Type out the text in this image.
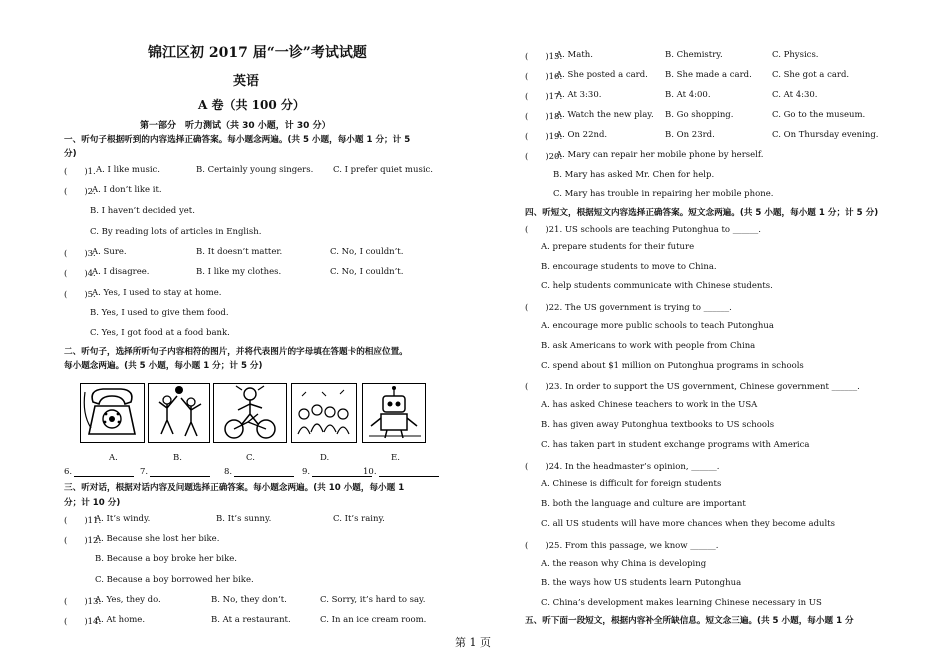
锦江区初 2017 届“一诊”考试试题
英语
A 卷（共 100 分）
第一部分　听力测试（共 30 小题，计 30 分）
一、听句子根据听到的内容选择正确答案。每小题念两遍。(共 5 小题，每小题 1 分；计 5
分)
(　　)1. A. I like music.	B. Certainly young singers. C. I prefer quiet music.
(　　)2.
A. I don’t like it.
B. I haven’t decided yet.
C. By reading lots of articles in English.
(　　)3.
A. Sure.	B. It doesn’t matter.	C. No, I couldn’t.
(　　)4.
A. I disagree.	B. I like my clothes.	C. No, I couldn’t.
(　　)5.
A. Yes, I used to stay at home.
B. Yes, I used to give them food.
C. Yes, I got food at a food bank.
二、听句子，选择所听句子内容相符的图片，并将代表图片的字母填在答题卡的相应位置。
每小题念两遍。(共 5 小题，每小题 1 分；计 5 分)
A.	B.	C.	D.	E.
6.	7.	8.	9.	10.
三、听对话，根据对话内容及问题选择正确答案。每小题念两遍。(共 10 小题，每小题 1
分；计 10 分)
(　　)11.
A. It’s windy.	B. It’s sunny.	C. It’s rainy.
(　　)12.
A. Because she lost her bike.
B. Because a boy broke her bike.
C. Because a boy borrowed her bike.
(　　)13.
A. Yes, they do.	B. No, they don’t.	C. Sorry, it’s hard to say.
(　　)14.
A. At home.	B. At a restaurant.	C. In an ice cream room.
(　　)15.
A. Math.	B. Chemistry.	C. Physics.
(　　)16.
A. She posted a card. B. She made a card. C. She got a card.
(　　)17.
A. At 3:30.	B. At 4:00.	C. At 4:30.
(　　)18.
A. Watch the new play. B. Go shopping.	C. Go to the museum.
(　　)19.
A. On 22nd.	B. On 23rd.	C. On Thursday evening.
(　　)20.
A. Mary can repair her mobile phone by herself.
B. Mary has asked Mr. Chen for help.
C. Mary has trouble in repairing her mobile phone.
四、听短文，根据短文内容选择正确答案。短文念两遍。(共 5 小题，每小题 1 分；计 5 分)
(　　)21. US schools are teaching Putonghua to ______.
A. prepare students for their future
B. encourage students to move to China.
C. help students communicate with Chinese students.
(　　)22. The US government is trying to ______.
A. encourage more public schools to teach Putonghua
B. ask Americans to work with people from China
C. spend about $1 million on Putonghua programs in schools
(　　)23. In order to support the US government, Chinese government ______.
A. has asked Chinese teachers to work in the USA
B. has given away Putonghua textbooks to US schools
C. has taken part in student exchange programs with America
(　　)24. In the headmaster’s opinion, ______.
A. Chinese is difficult for foreign students
B. both the language and culture are important
C. all US students will have more chances when they become adults
(　　)25. From this passage, we know ______.
A. the reason why China is developing
B. the ways how US students learn Putonghua
C. China’s development makes learning Chinese necessary in US
五、听下面一段短文，根据内容补全所缺信息。短文念三遍。(共 5 小题，每小题 1 分
第 1 页
